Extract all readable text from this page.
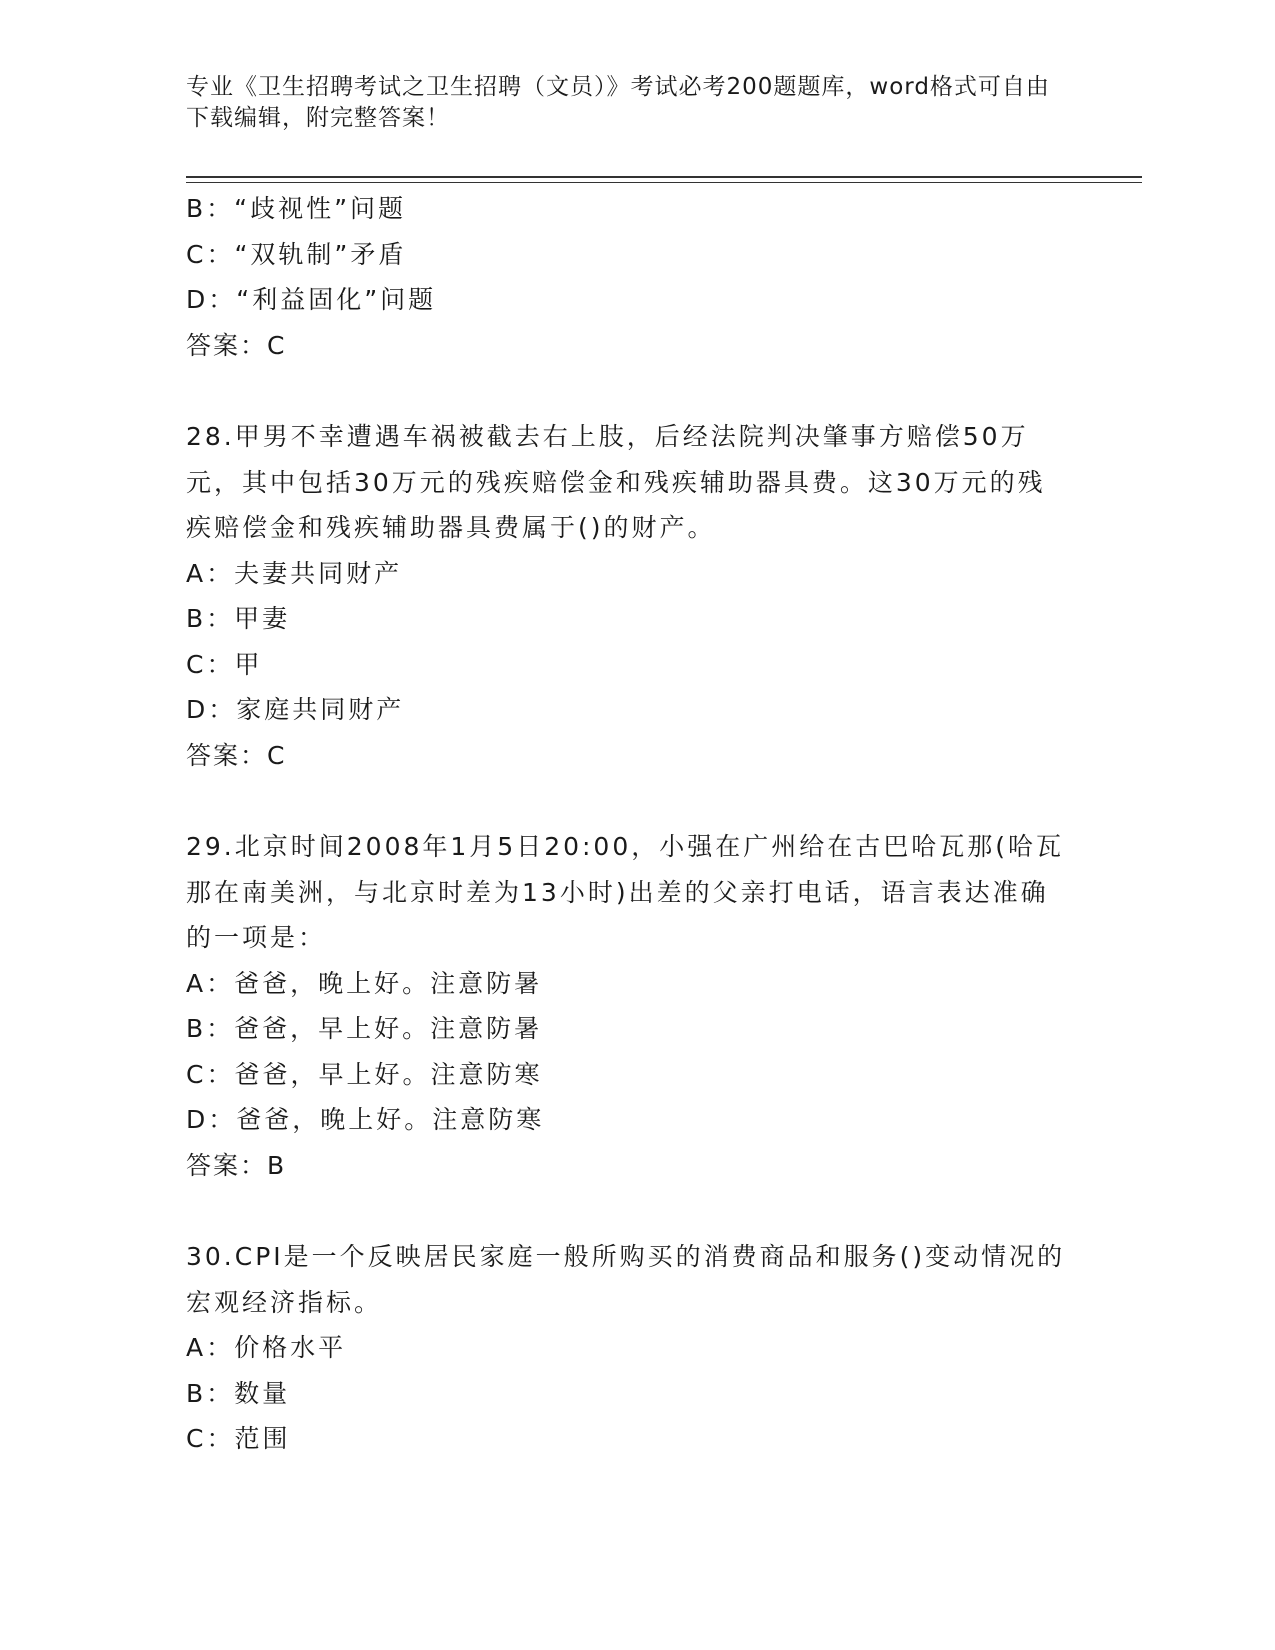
专业《卫生招聘考试之卫生招聘（文员）》考试必考200题题库，word格式可自由下载编辑，附完整答案！
B：“歧视性”问题
C：“双轨制”矛盾
D：“利益固化”问题
答案：C
28.甲男不幸遭遇车祸被截去右上肢，后经法院判决肇事方赔偿50万元，其中包括30万元的残疾赔偿金和残疾辅助器具费。这30万元的残疾赔偿金和残疾辅助器具费属于()的财产。
A：夫妻共同财产
B：甲妻
C：甲
D：家庭共同财产
答案：C
29.北京时间2008年1月5日20:00，小强在广州给在古巴哈瓦那(哈瓦那在南美洲，与北京时差为13小时)出差的父亲打电话，语言表达准确的一项是：
A：爸爸，晚上好。注意防暑
B：爸爸，早上好。注意防暑
C：爸爸，早上好。注意防寒
D：爸爸，晚上好。注意防寒
答案：B
30.CPI是一个反映居民家庭一般所购买的消费商品和服务()变动情况的宏观经济指标。
A：价格水平
B：数量
C：范围
